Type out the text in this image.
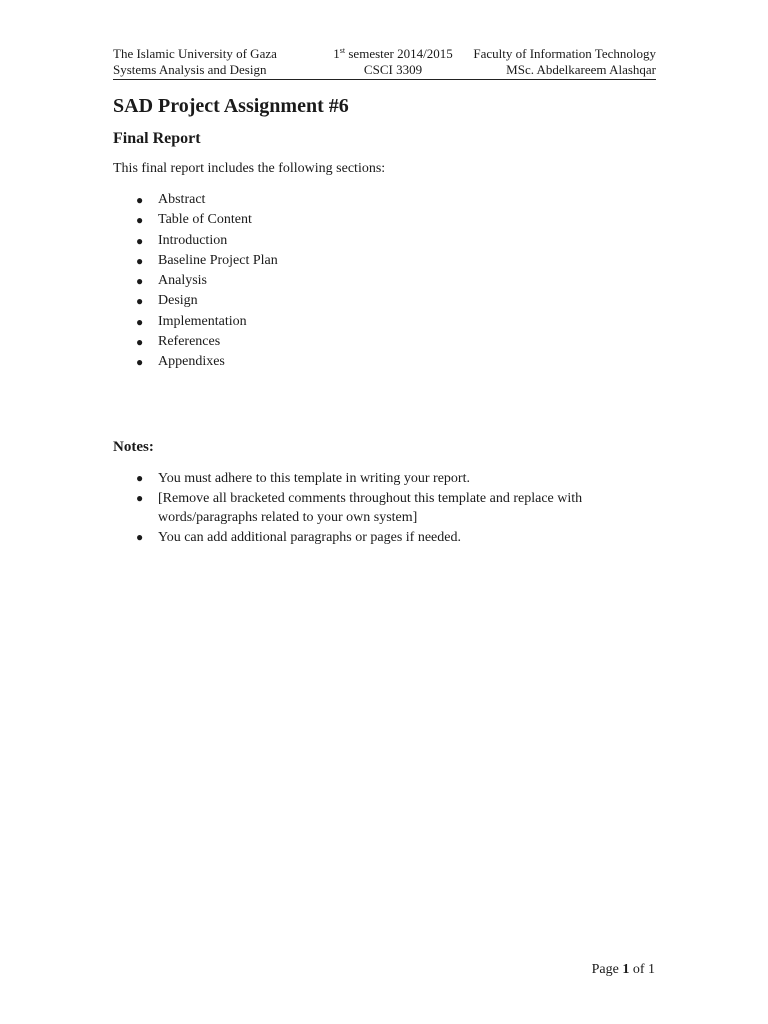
The Islamic University of Gaza	1st semester 2014/2015	Faculty of Information Technology
Systems Analysis and Design	CSCI 3309	MSc. Abdelkareem Alashqar
SAD Project Assignment #6
Final Report

This final report includes the following sections:

● Abstract
● Table of Content
● Introduction
● Baseline Project Plan
● Analysis
● Design
● Implementation
● References
● Appendixes
Notes:
● You must adhere to this template in writing your report.
● [Remove all bracketed comments throughout this template and replace with words/paragraphs related to your own system]
● You can add additional paragraphs or pages if needed.
Page 1 of 1
